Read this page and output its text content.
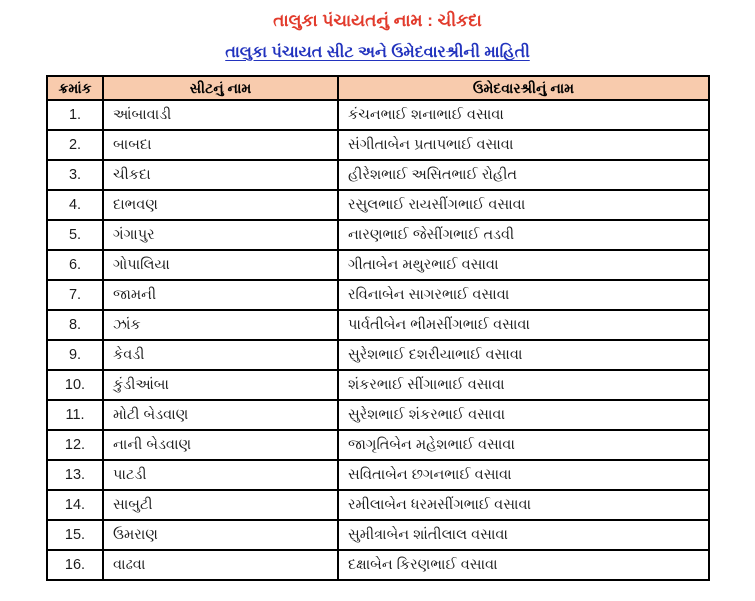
તાલુકા પંચાયતનું નામ : ચીકદા
તાલુકા પંચાયત સીટ અને ઉમેદવારશ્રીની માહિતી
ક્રમાંક	સીટનું નામ	ઉમેદવારશ્રીનું નામ
1.	આંબાવાડી	કંચનભાઈ શનાભાઈ વસાવા
2.	બાબદા	સંગીતાબેન પ્રતાપભાઈ વસાવા
3.	ચીકદા	હીરેશભાઈ અસિતભાઈ રોહીત
4.	દાભવણ	રસુલભાઈ રાયસીંગભાઈ વસાવા
5.	ગંગાપુર	નારણભાઈ જેસીંગભાઈ તડવી
6.	ગોપાલિયા	ગીતાબેન મથુરભાઈ વસાવા
7.	જામની	રવિનાબેન સાગરભાઈ વસાવા
8.	ઝાંક	પાર્વતીબેન ભીમસીંગભાઈ વસાવા
9.	કેવડી	સુરેશભાઈ દશરીયાભાઈ વસાવા
10.	કુંડીઆંબા	શંકરભાઈ સીંગાભાઈ વસાવા
11.	મોટી બેડવાણ	સુરેશભાઈ શંકરભાઈ વસાવા
12.	નાની બેડવાણ	જાગૃતિબેન મહેશભાઈ વસાવા
13.	પાટડી	સવિતાબેન છગનભાઈ વસાવા
14.	સાબુટી	રમીલાબેન ધરમસીંગભાઈ વસાવા
15.	ઉમરાણ	સુમીત્રાબેન શાંતીલાલ વસાવા
16.	વાઢવા	દક્ષાબેન કિરણભાઈ વસાવા
